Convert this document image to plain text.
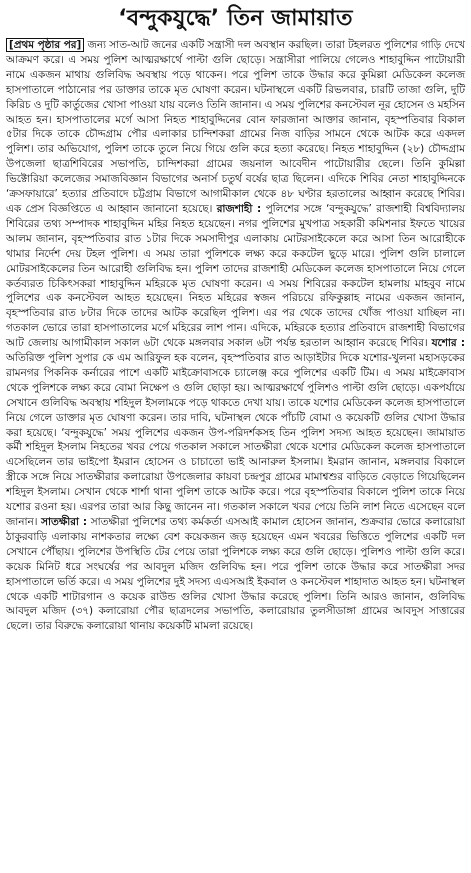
‘বন্দুকযুদ্ধে’ তিন জামায়াত

[প্রথম পৃষ্ঠার পর] জন্য সাত-আট জনের একটি সন্ত্রাসী দল অবস্থান করছিল। তারা টহলরত পুলিশের গাড়ি দেখে আক্রমণ করে। এ সময় পুলিশ আত্মরক্ষার্থে পাল্টা গুলি ছোড়ে। সন্ত্রাসীরা পালিয়ে গেলেও শাহাবুদ্দিন পাটোয়ারী নামে একজন মাথায় গুলিবিদ্ধ অবস্থায় পড়ে থাকেন। পরে পুলিশ তাকে উদ্ধার করে কুমিল্লা মেডিকেল কলেজ হাসপাতালে পাঠানোর পর ডাক্তার তাকে মৃত ঘোষণা করেন। ঘটনাস্থলে একটি রিভলবার, চারটি তাজা গুলি, দুটি কিরিচ ও দুটি কার্তুজের খোসা পাওয়া যায় বলেও তিনি জানান। এ সময় পুলিশের কনস্টেবল নূর হোসেন ও মহসিন আহত হন। হাসপাতালের মর্গে আসা নিহত শাহাবুদ্দিনের বোন ফারজানা আক্তার জানান, বৃহস্পতিবার বিকাল ৫টার দিকে তাকে চৌদ্দগ্রাম পৌর এলাকার চান্দিশকরা গ্রামের নিজ বাড়ির সামনে থেকে আটক করে একদল পুলিশ। তার অভিযোগ, পুলিশ তাকে তুলে নিয়ে গিয়ে গুলি করে হত্যা করেছে। নিহত শাহাবুদ্দিন (২৮) চৌদ্দগ্রাম উপজেলা ছাত্রশিবিরের সভাপতি, চান্দিশকরা গ্রামের জয়নাল আবেদীন পাটোয়ারীর ছেলে। তিনি কুমিল্লা ভিক্টোরিয়া কলেজের সমাজবিজ্ঞান বিভাগের অনার্স চতুর্থ বর্ষের ছাত্র ছিলেন। এদিকে শিবির নেতা শাহাবুদ্দিনকে ‘ক্রসফায়ারে’ হত্যার প্রতিবাদে চট্টগ্রাম বিভাগে আগামীকাল থেকে ৪৮ ঘণ্টার হরতালের আহ্বান করেছে শিবির। এক প্রেস বিজ্ঞপ্তিতে এ আহ্বান জানানো হয়েছে। রাজশাহী : পুলিশের সঙ্গে ‘বন্দুকযুদ্ধে’ রাজশাহী বিশ্ববিদ্যালয় শিবিরের তথ্য সম্পাদক শাহাবুদ্দিন মহির নিহত হয়েছেন। নগর পুলিশের মুখপাত্র সহকারী কমিশনার ইফতে খায়ের আলম জানান, বৃহস্পতিবার রাত ১টার দিকে সমসাদীপুর এলাকায় মোটরসাইকেলে করে আসা তিন আরোহীকে থামার নির্দেশ দেয় টহল পুলিশ। এ সময় তারা পুলিশকে লক্ষ্য করে ককটেল ছুড়ে মারে। পুলিশ গুলি চালালে মোটরসাইকেলের তিন আরোহী গুলিবিদ্ধ হন। পুলিশ তাদের রাজশাহী মেডিকেল কলেজ হাসপাতালে নিয়ে গেলে কর্তব্যরত চিকিৎসকরা শাহাবুদ্দিন মহিরকে মৃত ঘোষণা করেন। এ সময় শিবিরের ককটেল হামলায় মাহবুব নামে পুলিশের এক কনস্টেবল আহত হয়েছেন। নিহত মহিরের স্বজন পরিচয়ে রফিকুল্লাহ নামের একজন জানান, বৃহস্পতিবার রাত ৮টার দিকে তাদের আটক করেছিল পুলিশ। এর পর থেকে তাদের খোঁজ পাওয়া যাচ্ছিল না। গতকাল ভোরে তারা হাসপাতালের মর্গে মহিরের লাশ পান। এদিকে, মহিরকে হত্যার প্রতিবাদে রাজশাহী বিভাগের আট জেলায় আগামীকাল সকাল ৬টা থেকে মঙ্গলবার সকাল ৬টা পর্যন্ত হরতাল আহ্বান করেছে শিবির। যশোর : অতিরিক্ত পুলিশ সুপার কে এম আরিফুল হক বলেন, বৃহস্পতিবার রাত আড়াইটার দিকে যশোর-খুলনা মহাসড়কের রামনগর পিকনিক কর্নারের পাশে একটি মাইক্রোবাসকে চ্যালেঞ্জ করে পুলিশের একটি টিম। এ সময় মাইক্রোবাস থেকে পুলিশকে লক্ষ্য করে বোমা নিক্ষেপ ও গুলি ছোড়া হয়। আত্মরক্ষার্থে পুলিশও পাল্টা গুলি ছোড়ে। একপর্যায়ে সেখানে গুলিবিদ্ধ অবস্থায় শহিদুল ইসলামকে পড়ে থাকতে দেখা যায়। তাকে যশোর মেডিকেল কলেজ হাসপাতালে নিয়ে গেলে ডাক্তার মৃত ঘোষণা করেন। তার দাবি, ঘটনাস্থল থেকে পাঁচটি বোমা ও কয়েকটি গুলির খোসা উদ্ধার করা হয়েছে। ‘বন্দুকযুদ্ধে’ সময় পুলিশের একজন উপ-পরিদর্শকসহ তিন পুলিশ সদস্য আহত হয়েছেন। জামায়াত কর্মী শহিদুল ইসলাম নিহতের খবর পেয়ে গতকাল সকালে সাতক্ষীরা থেকে যশোর মেডিকেল কলেজ হাসপাতালে এসেছিলেন তার ভাইপো ইমরান হোসেন ও চাচাতো ভাই আনারুল ইসলাম। ইমরান জানান, মঙ্গলবার বিকালে স্ত্রীকে সঙ্গে নিয়ে সাতক্ষীরার কলারোয়া উপজেলার কায়বা চন্দ্রপুর গ্রামের মামাশ্বশুর বাড়িতে বেড়াতে গিয়েছিলেন শহিদুল ইসলাম। সেখান থেকে শার্শা থানা পুলিশ তাকে আটক করে। পরে বৃহস্পতিবার বিকালে পুলিশ তাকে নিয়ে যশোর রওনা হয়। এরপর তারা আর কিছু জানেন না। গতকাল সকালে খবর পেয়ে তিনি লাশ নিতে এসেছেন বলে জানান। সাতক্ষীরা : সাতক্ষীরা পুলিশের তথ্য কর্মকর্তা এসআই কামাল হোসেন জানান, শুক্রবার ভোরে কলারোয়া ঠাকুরবাড়ি এলাকায় নাশকতার লক্ষ্যে বেশ কয়েকজন জড় হয়েছেন এমন খবরের ভিত্তিতে পুলিশের একটি দল সেখানে পৌঁছায়। পুলিশের উপস্থিতি টের পেয়ে তারা পুলিশকে লক্ষ্য করে গুলি ছোড়ে। পুলিশও পাল্টা গুলি করে। কয়েক মিনিট ধরে সংঘর্ষের পর আবদুল মজিদ গুলিবিদ্ধ হন। পরে পুলিশ তাকে উদ্ধার করে সাতক্ষীরা সদর হাসপাতালে ভর্তি করে। এ সময় পুলিশের দুই সদস্য এএসআই ইকবাল ও কনস্টেবল শাহাদাত আহত হন। ঘটনাস্থল থেকে একটি শাটারগান ও কয়েক রাউন্ড গুলির খোসা উদ্ধার করেছে পুলিশ। তিনি আরও জানান, গুলিবিদ্ধ আবদুল মজিদ (৩৭) কলারোয়া পৌর ছাত্রদলের সভাপতি, কলারোয়ার তুলসীডাঙ্গা গ্রামের আবদুস সাত্তারের ছেলে। তার বিরুদ্ধে কলারোয়া থানায় কয়েকটি মামলা রয়েছে।
